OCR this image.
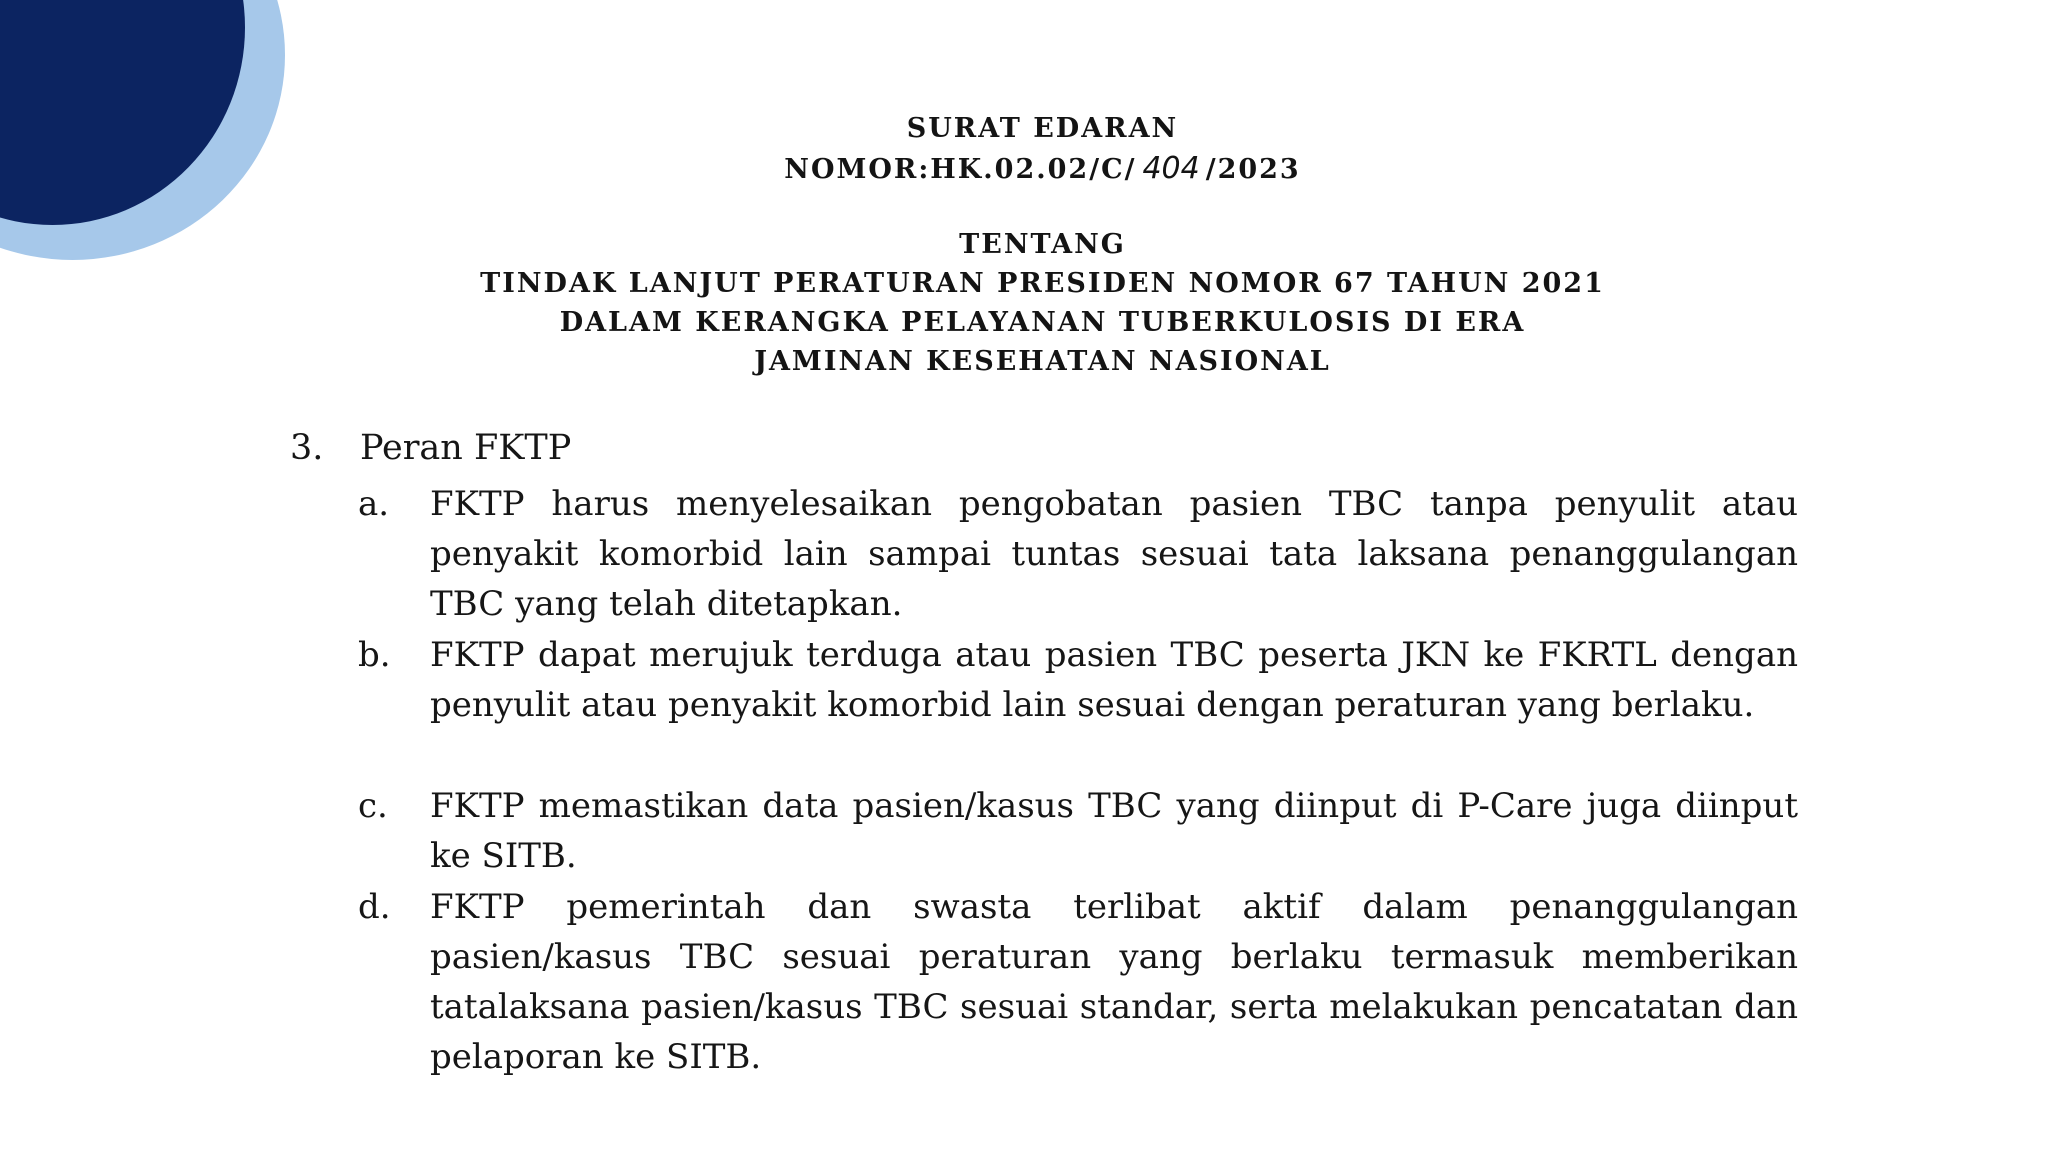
SURAT EDARAN
NOMOR:HK.02.02/C/ 404 /2023
TENTANG
TINDAK LANJUT PERATURAN PRESIDEN NOMOR 67 TAHUN 2021
DALAM KERANGKA PELAYANAN TUBERKULOSIS DI ERA
JAMINAN KESEHATAN NASIONAL
3. Peran FKTP
a.	FKTP harus menyelesaikan pengobatan pasien TBC tanpa penyulit atau penyakit komorbid lain sampai tuntas sesuai tata laksana penanggulangan TBC yang telah ditetapkan.
b.	FKTP dapat merujuk terduga atau pasien TBC peserta JKN ke FKRTL dengan penyulit atau penyakit komorbid lain sesuai dengan peraturan yang berlaku.
c.	FKTP memastikan data pasien/kasus TBC yang diinput di P-Care juga diinput ke SITB.
d.	FKTP pemerintah dan swasta terlibat aktif dalam penanggulangan pasien/kasus TBC sesuai peraturan yang berlaku termasuk memberikan tatalaksana pasien/kasus TBC sesuai standar, serta melakukan pencatatan dan pelaporan ke SITB.
